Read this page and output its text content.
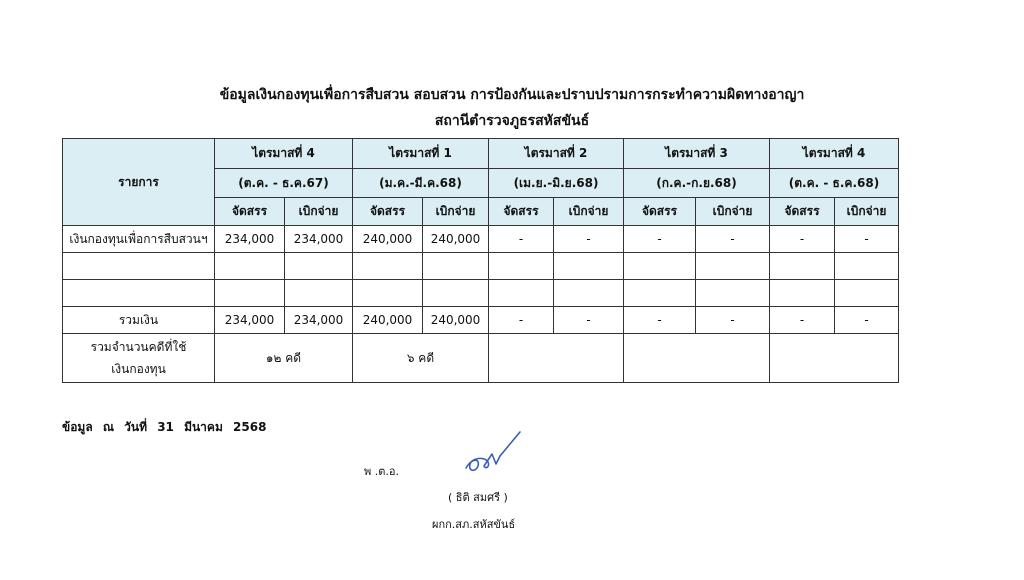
ข้อมูลเงินกองทุนเพื่อการสืบสวน สอบสวน การป้องกันและปราบปรามการกระทำความผิดทางอาญา
สถานีตำรวจภูธรสหัสขันธ์
รายการ	ไตรมาสที่ 4		ไตรมาสที่ 1		ไตรมาสที่ 2		ไตรมาสที่ 3		ไตรมาสที่ 4	
	(ต.ค. - ธ.ค.67)		(ม.ค.-มี.ค.68)		(เม.ย.-มิ.ย.68)		(ก.ค.-ก.ย.68)		(ต.ค. - ธ.ค.68)	
	จัดสรร	เบิกจ่าย	จัดสรร	เบิกจ่าย	จัดสรร	เบิกจ่าย	จัดสรร	เบิกจ่าย	จัดสรร	เบิกจ่าย
เงินกองทุนเพื่อการสืบสวนฯ	234,000	234,000	240,000	240,000	-	-	-	-	-	-

รวมเงิน	234,000	234,000	240,000	240,000	-	-	-	-	-	-

รวมจำนวนคดีที่ใช้
เงินกองทุน	๑๒ คดี		๖ คดี							
ข้อมูล ณ วันที่ 31 มีนาคม 2568
พ .ต.อ.
( ธิติ สมศรี )
ผกก.สภ.สหัสขันธ์
